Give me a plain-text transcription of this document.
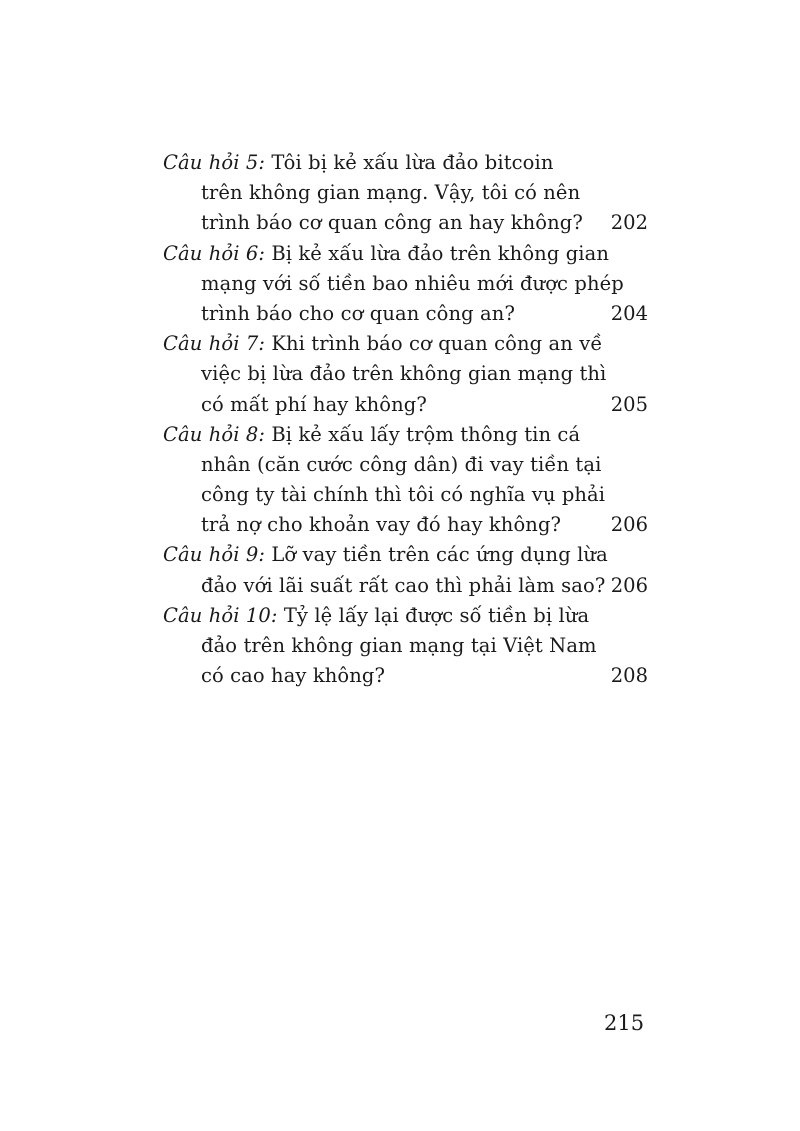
Câu hỏi 5: Tôi bị kẻ xấu lừa đảo bitcoin
trên không gian mạng. Vậy, tôi có nên
trình báo cơ quan công an hay không?	202
Câu hỏi 6: Bị kẻ xấu lừa đảo trên không gian
mạng với số tiền bao nhiêu mới được phép
trình báo cho cơ quan công an?	204
Câu hỏi 7: Khi trình báo cơ quan công an về
việc bị lừa đảo trên không gian mạng thì
có mất phí hay không?	205
Câu hỏi 8: Bị kẻ xấu lấy trộm thông tin cá
nhân (căn cước công dân) đi vay tiền tại
công ty tài chính thì tôi có nghĩa vụ phải
trả nợ cho khoản vay đó hay không?	206
Câu hỏi 9: Lỡ vay tiền trên các ứng dụng lừa
đảo với lãi suất rất cao thì phải làm sao? 206
Câu hỏi 10: Tỷ lệ lấy lại được số tiền bị lừa
đảo trên không gian mạng tại Việt Nam
có cao hay không?	208
215
